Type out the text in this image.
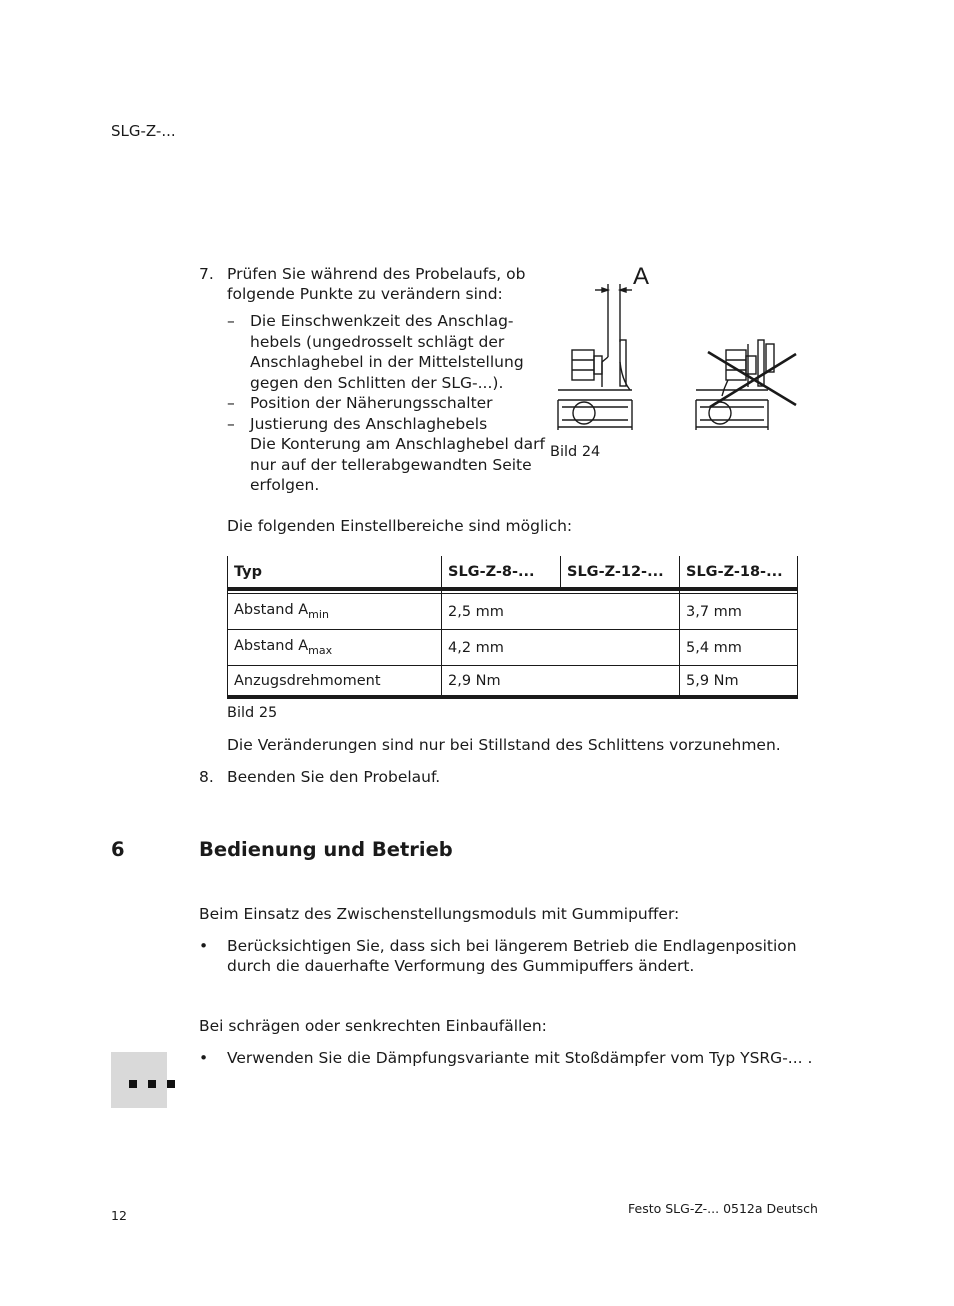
SLG-Z-...
7. Prüfen Sie während des Probelaufs, ob
folgende Punkte zu verändern sind:
– Die Einschwenkzeit des Anschlag-
hebels (ungedrosselt schlägt der
Anschlaghebel in der Mittelstellung
gegen den Schlitten der SLG-...).
– Position der Näherungsschalter
– Justierung des Anschlaghebels
Die Konterung am Anschlaghebel darf
nur auf der tellerabgewandten Seite
erfolgen.
Die folgenden Einstellbereiche sind möglich:
A
Bild 24
Typ	SLG-Z-8-...	SLG-Z-12-...	SLG-Z-18-...

Abstand $A_{min}$	2,5 mm		3,7 mm
Abstand $A_{max}$	4,2 mm		5,4 mm
Anzugsdrehmoment	2,9 Nm		5,9 Nm
Bild 25
Die Veränderungen sind nur bei Stillstand des Schlittens vorzunehmen.
8. Beenden Sie den Probelauf.
6	Bedienung und Betrieb
Beim Einsatz des Zwischenstellungsmoduls mit Gummipuffer:
• Berücksichtigen Sie, dass sich bei längerem Betrieb die Endlagenposition
durch die dauerhafte Verformung des Gummipuffers ändert.
Bei schrägen oder senkrechten Einbaufällen:
• Verwenden Sie die Dämpfungsvariante mit Stoßdämpfer vom Typ YSRG-... .
12	Festo SLG-Z-... 0512a Deutsch
